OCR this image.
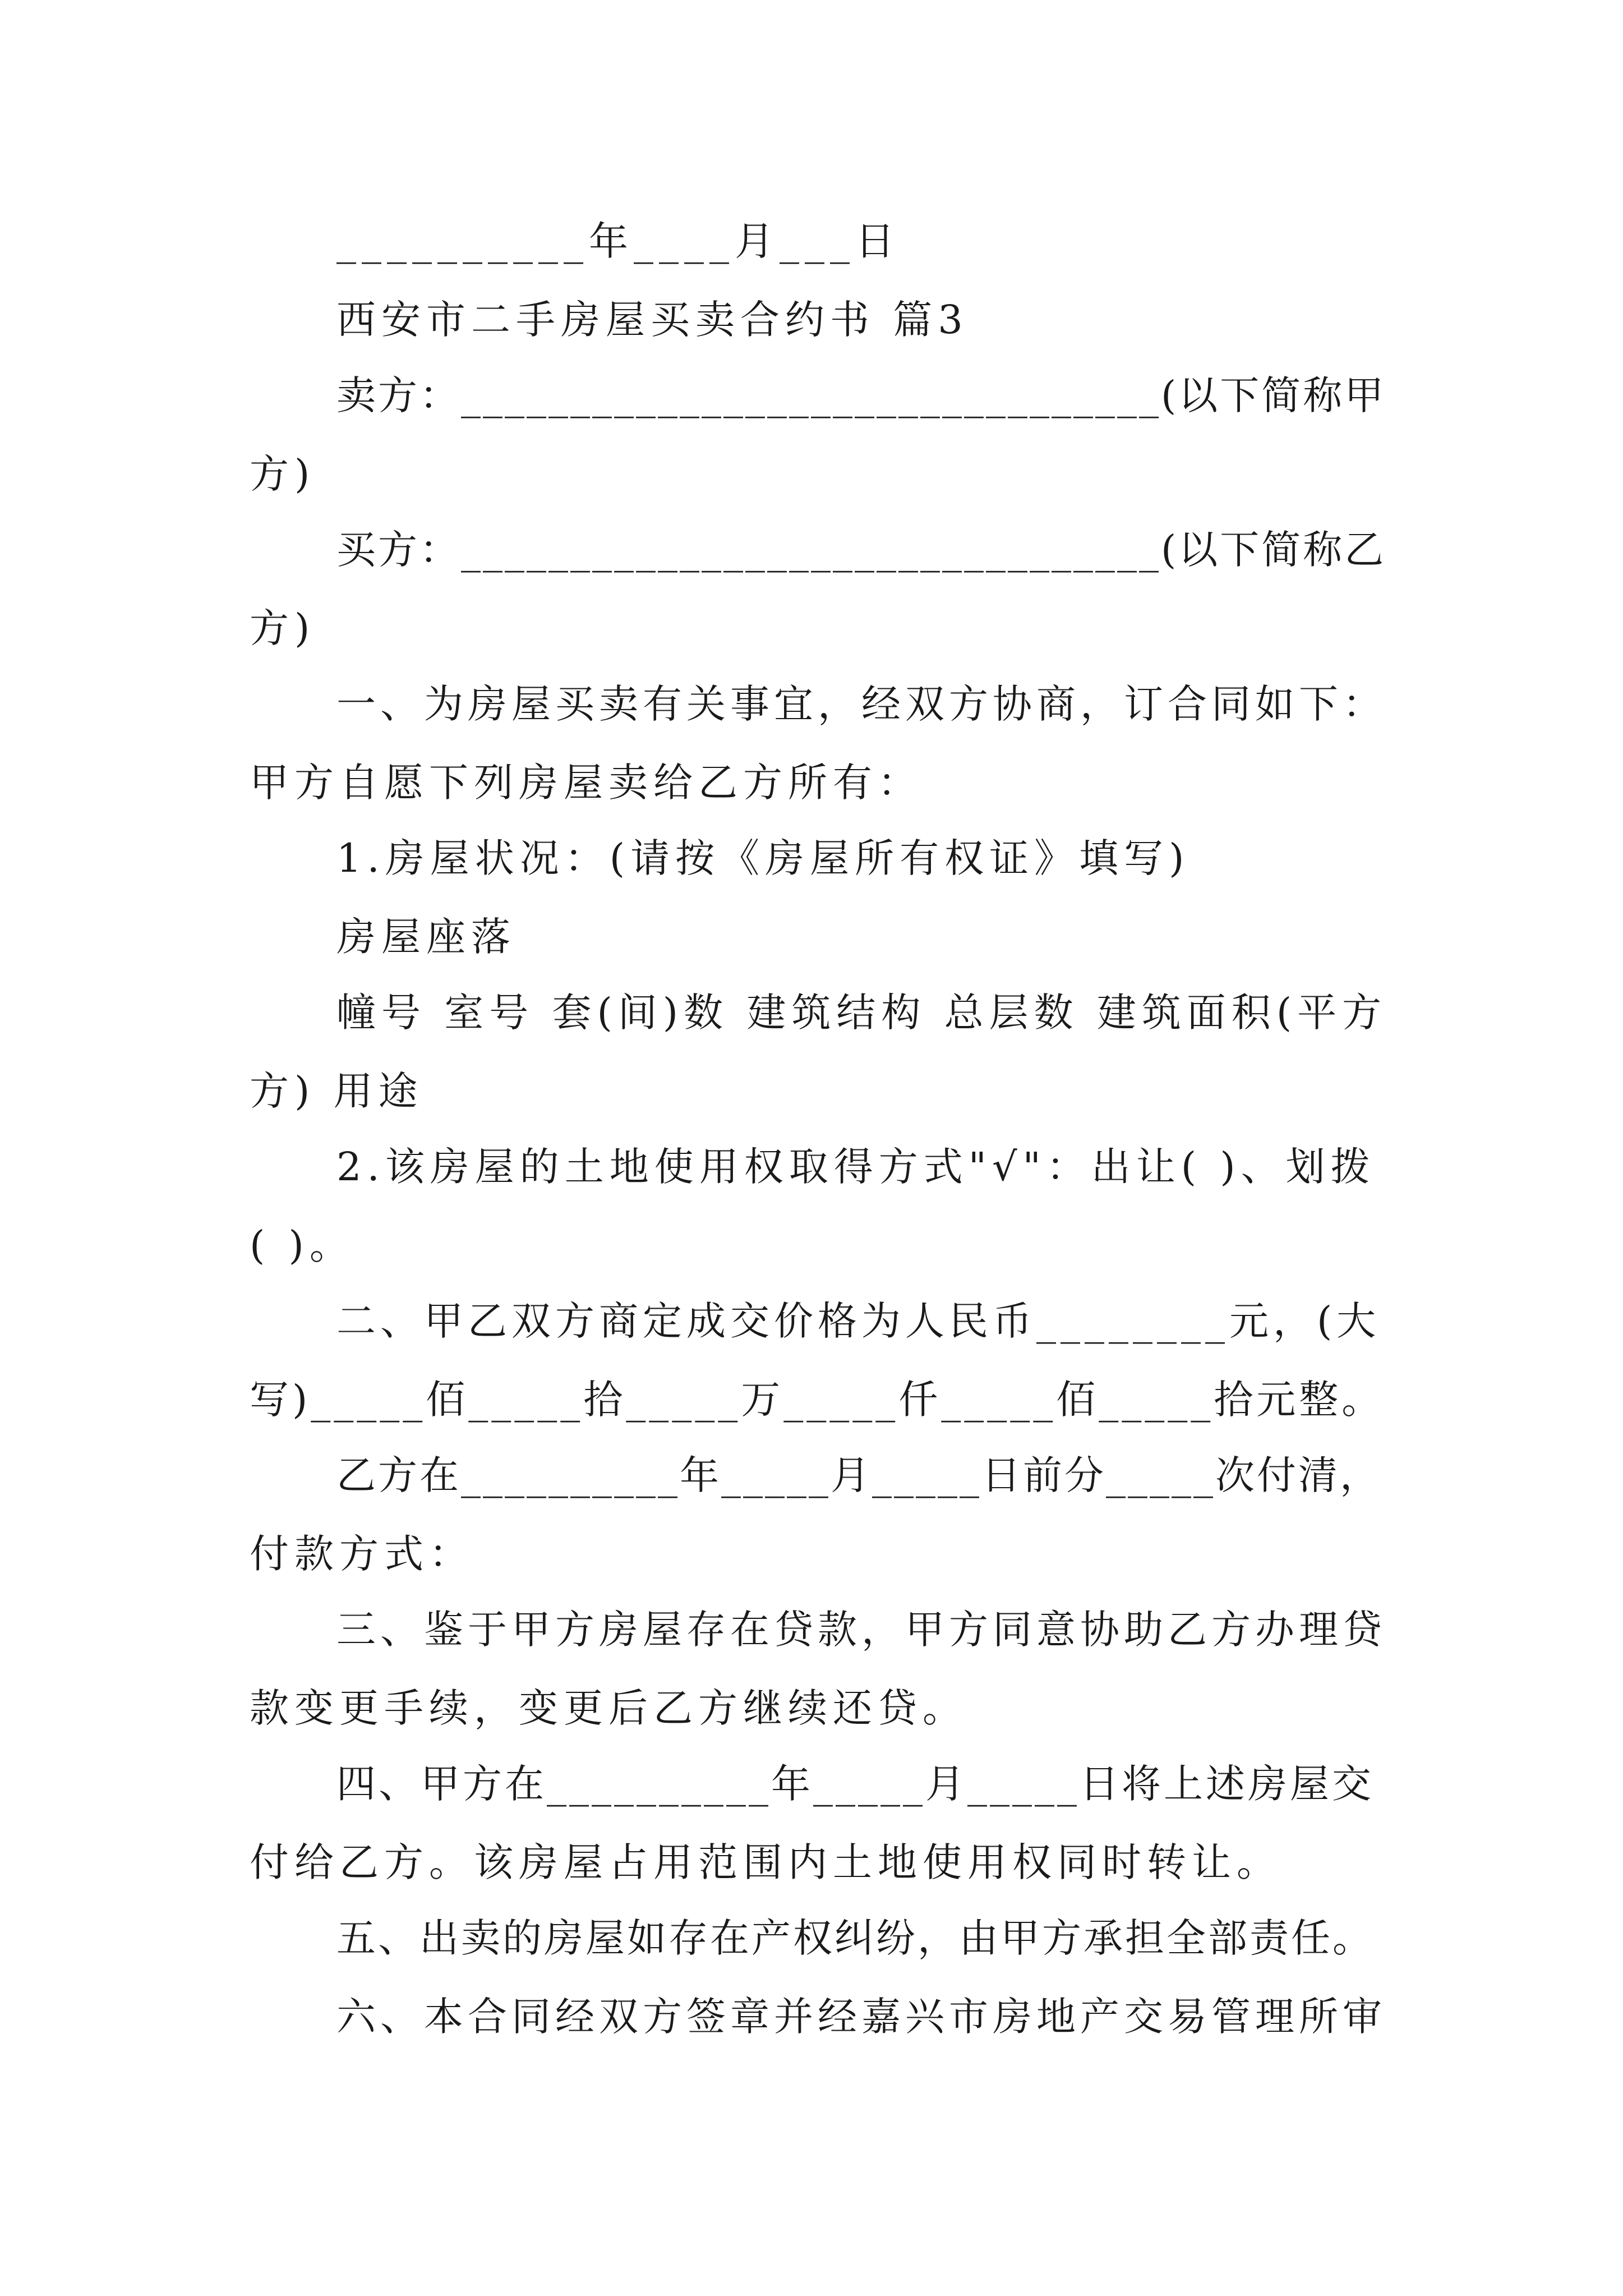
__________年____月___日
西安市二手房屋买卖合约书 篇3
卖方：________________________________(以下简称甲
方)
买方：________________________________(以下简称乙
方)
一、为房屋买卖有关事宜，经双方协商，订合同如下：
甲方自愿下列房屋卖给乙方所有：
1.房屋状况：(请按《房屋所有权证》填写)
房屋座落
幢号 室号 套(间)数 建筑结构 总层数 建筑面积(平方
方) 用途
2.该房屋的土地使用权取得方式"√"：出让( )、划拨
( )。
二、甲乙双方商定成交价格为人民币________元，(大
写)_____佰_____拾_____万_____仟_____佰_____拾元整。
乙方在__________年_____月_____日前分_____次付清，
付款方式：
三、鉴于甲方房屋存在贷款，甲方同意协助乙方办理贷
款变更手续，变更后乙方继续还贷。
四、甲方在__________年_____月_____日将上述房屋交
付给乙方。该房屋占用范围内土地使用权同时转让。
五、出卖的房屋如存在产权纠纷，由甲方承担全部责任。
六、本合同经双方签章并经嘉兴市房地产交易管理所审
